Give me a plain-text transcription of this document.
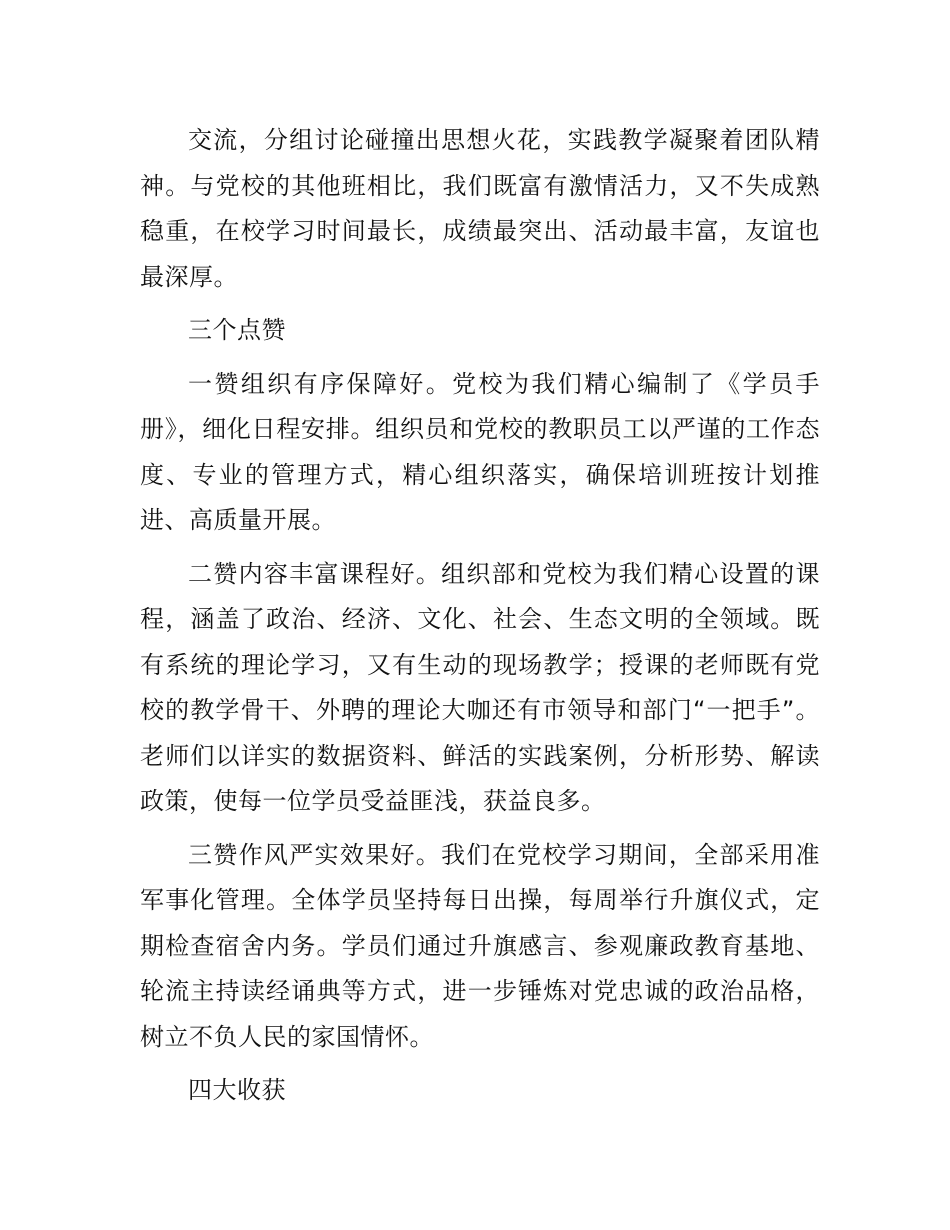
交流，分组讨论碰撞出思想火花，实践教学凝聚着团队精神。与党校的其他班相比，我们既富有激情活力，又不失成熟稳重，在校学习时间最长，成绩最突出、活动最丰富，友谊也最深厚。

三个点赞

一赞组织有序保障好。党校为我们精心编制了《学员手册》，细化日程安排。组织员和党校的教职员工以严谨的工作态度、专业的管理方式，精心组织落实，确保培训班按计划推进、高质量开展。

二赞内容丰富课程好。组织部和党校为我们精心设置的课程，涵盖了政治、经济、文化、社会、生态文明的全领域。既有系统的理论学习，又有生动的现场教学；授课的老师既有党校的教学骨干、外聘的理论大咖还有市领导和部门“一把手”。老师们以详实的数据资料、鲜活的实践案例，分析形势、解读政策，使每一位学员受益匪浅，获益良多。

三赞作风严实效果好。我们在党校学习期间，全部采用准军事化管理。全体学员坚持每日出操，每周举行升旗仪式，定期检查宿舍内务。学员们通过升旗感言、参观廉政教育基地、轮流主持读经诵典等方式，进一步锤炼对党忠诚的政治品格，树立不负人民的家国情怀。

四大收获
